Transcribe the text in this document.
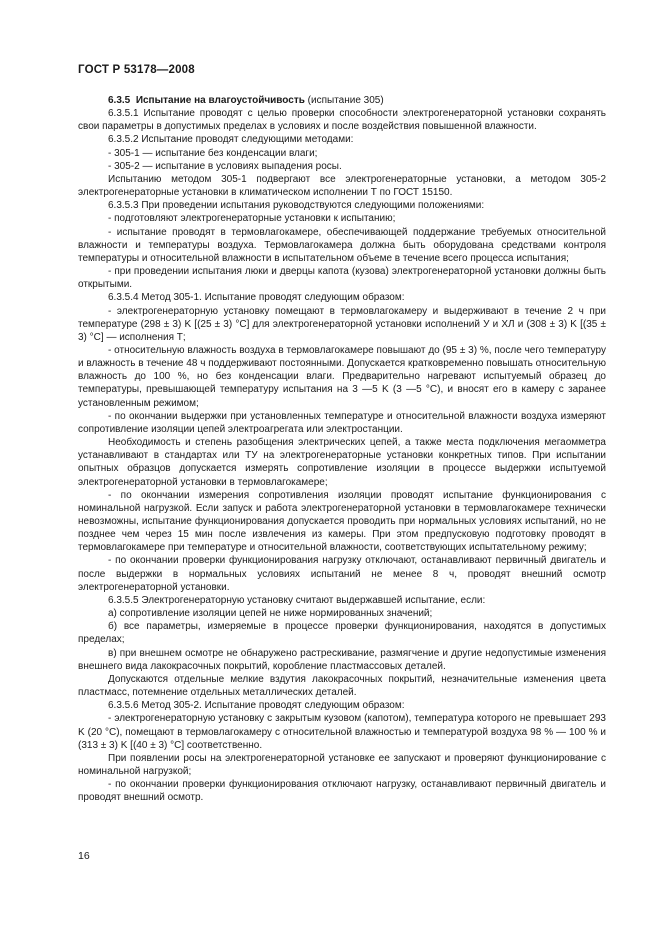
ГОСТ Р 53178—2008

6.3.5 Испытание на влагоустойчивость (испытание 305)

6.3.5.1 Испытание проводят с целью проверки способности электрогенераторной установки сохранять свои параметры в допустимых пределах в условиях и после воздействия повышенной влажности.

6.3.5.2 Испытание проводят следующими методами:

- 305-1 — испытание без конденсации влаги;

- 305-2 — испытание в условиях выпадения росы.

Испытанию методом 305-1 подвергают все электрогенераторные установки, а методом 305-2 электрогенераторные установки в климатическом исполнении Т по ГОСТ 15150.

6.3.5.3 При проведении испытания руководствуются следующими положениями:

- подготовляют электрогенераторные установки к испытанию;

- испытание проводят в термовлагокамере, обеспечивающей поддержание требуемых относительной влажности и температуры воздуха. Термовлагокамера должна быть оборудована средствами контроля температуры и относительной влажности в испытательном объеме в течение всего процесса испытания;

- при проведении испытания люки и дверцы капота (кузова) электрогенераторной установки должны быть открытыми.

6.3.5.4 Метод 305-1. Испытание проводят следующим образом:

- электрогенераторную установку помещают в термовлагокамеру и выдерживают в течение 2 ч при температуре (298 ± 3) K [(25 ± 3) °C] для электрогенераторной установки исполнений У и ХЛ и (308 ± 3) K [(35 ± 3) °C] — исполнения Т;

- относительную влажность воздуха в термовлагокамере повышают до (95 ± 3) %, после чего температуру и влажность в течение 48 ч поддерживают постоянными. Допускается кратковременно повышать относительную влажность до 100 %, но без конденсации влаги. Предварительно нагревают испытуемый образец до температуры, превышающей температуру испытания на 3 —5 K (3 —5 °C), и вносят его в камеру с заранее установленным режимом;

- по окончании выдержки при установленных температуре и относительной влажности воздуха измеряют сопротивление изоляции цепей электроагрегата или электростанции.

Необходимость и степень разобщения электрических цепей, а также места подключения мегаомметра устанавливают в стандартах или ТУ на электрогенераторные установки конкретных типов. При испытании опытных образцов допускается измерять сопротивление изоляции в процессе выдержки испытуемой электрогенераторной установки в термовлагокамере;

- по окончании измерения сопротивления изоляции проводят испытание функционирования с номинальной нагрузкой. Если запуск и работа электрогенераторной установки в термовлагокамере технически невозможны, испытание функционирования допускается проводить при нормальных условиях испытаний, но не позднее чем через 15 мин после извлечения из камеры. При этом предпусковую подготовку проводят в термовлагокамере при температуре и относительной влажности, соответствующих испытательному режиму;

- по окончании проверки функционирования нагрузку отключают, останавливают первичный двигатель и после выдержки в нормальных условиях испытаний не менее 8 ч, проводят внешний осмотр электрогенераторной установки.

6.3.5.5 Электрогенераторную установку считают выдержавшей испытание, если:

а) сопротивление изоляции цепей не ниже нормированных значений;

б) все параметры, измеряемые в процессе проверки функционирования, находятся в допустимых пределах;

в) при внешнем осмотре не обнаружено растрескивание, размягчение и другие недопустимые изменения внешнего вида лакокрасочных покрытий, коробление пластмассовых деталей.

Допускаются отдельные мелкие вздутия лакокрасочных покрытий, незначительные изменения цвета пластмасс, потемнение отдельных металлических деталей.

6.3.5.6 Метод 305-2. Испытание проводят следующим образом:

- электрогенераторную установку с закрытым кузовом (капотом), температура которого не превышает 293 K (20 °C), помещают в термовлагокамеру с относительной влажностью и температурой воздуха 98 % — 100 % и (313 ± 3) K [(40 ± 3) °C] соответственно.

При появлении росы на электрогенераторной установке ее запускают и проверяют функционирование с номинальной нагрузкой;

- по окончании проверки функционирования отключают нагрузку, останавливают первичный двигатель и проводят внешний осмотр.

16
